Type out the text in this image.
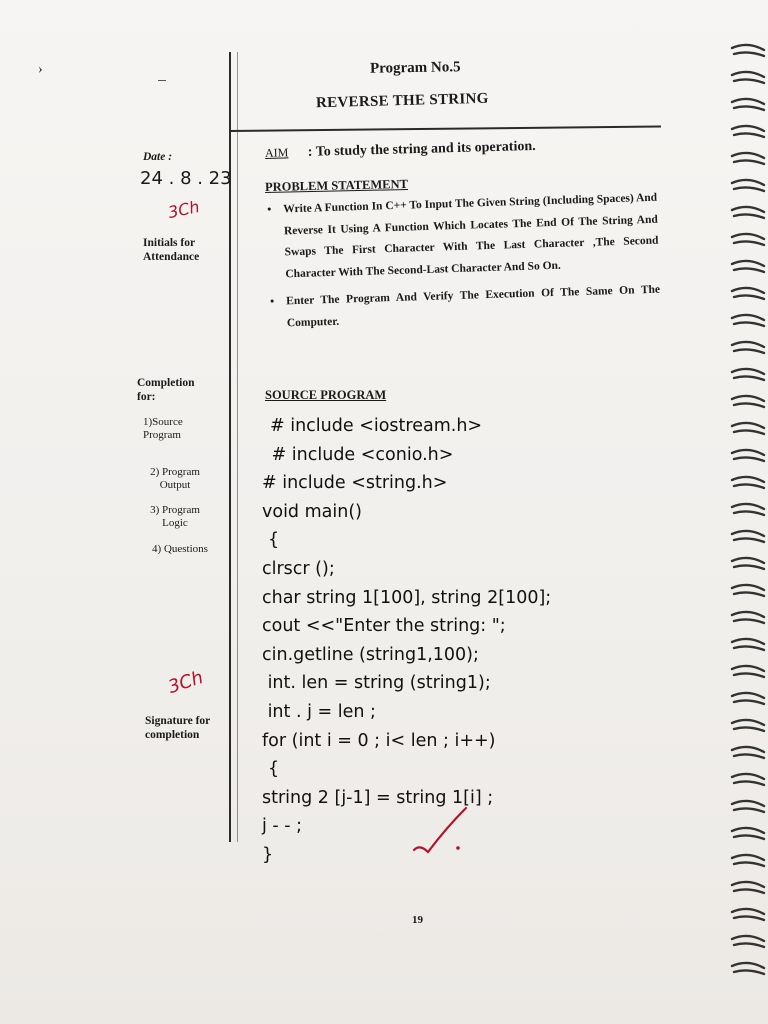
›	Program No.5
REVERSE THE STRING
Date :
24 . 8 . 23
3Ch
Initials for Attendance
Completion for:
1)Source Program
2) Program Output
3) Program Logic
4) Questions
3Ch
Signature for completion
AIM : To study the string and its operation.
PROBLEM STATEMENT
• Write A Function In C++ To Input The Given String (Including Spaces) And Reverse It Using A Function Which Locates The End Of The String And Swaps The First Character With The Last Character ,The Second Character With The Second-Last Character And So On.
• Enter The Program And Verify The Execution Of The Same On The Computer.
SOURCE PROGRAM
# include <iostream.h>
# include <conio.h>
# include <string.h>
void main()
{
clrscr ();
char string 1[100], string 2[100];
cout <<"Enter the string: ";
cin.getline (string1,100);
int. len = string (string1);
int . j = len ;
for (int i = 0 ; i< len ; i++)
{
string 2 [j-1] = string 1[i] ;
j - - ;
}
19
